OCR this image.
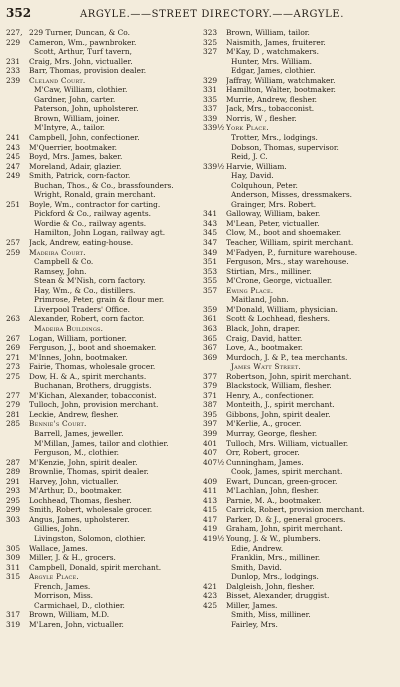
352	ARGYLE.——STREET DIRECTORY.——ARGYLE.
227, 229 Turner, Duncan, & Co.
229	Cameron, Wm., pawnbroker.
Scott, Arthur, Turf tavern,
231	Craig, Mrs. John, victualler.
233	Barr, Thomas, provision dealer.
239	Cleland Court.
M'Caw, William, clothier.
Gardner, John, carter.
Paterson, John, upholsterer.
Brown, William, joiner.
M'Intyre, A., tailor.
241	Campbell, John, confectioner.
243	M'Querrier, bootmaker.
245	Boyd, Mrs. James, baker.
247	Moreland, Adair, glazier.
249	Smith, Patrick, corn-factor.
Buchan, Thos., & Co., brassfounders.
Wright, Ronald, grain merchant.
251	Boyle, Wm., contractor for carting.
Pickford & Co., railway agents.
Wordie & Co., railway agents.
Hamilton, John Logan, railway agt.
257	Jack, Andrew, eating-house.
259	Madeira Court.
Campbell & Co.
Ramsey, John.
Stean & M'Nish, corn factory.
Hay, Wm., & Co., distillers.
Primrose, Peter, grain & flour mer.
Liverpool Traders' Office.
263	Alexander, Robert, corn factor.
Madeira Buildings.
267	Logan, William, portioner.
269	Ferguson, J., boot and shoemaker.
271	M'Innes, John, bootmaker.
273	Fairie, Thomas, wholesale grocer.
275	Dow, H. & A., spirit merchants.
Buchanan, Brothers, druggists.
277	M'Kichan, Alexander, tobacconist.
279	Tulloch, John, provision merchant.
281	Leckie, Andrew, flesher.
285	Bennie's Court.
Barrell, James, jeweller.
M'Millan, James, tailor and clothier.
Ferguson, M., clothier.
287	M'Kenzie, John, spirit dealer.
289	Brownlie, Thomas, spirit dealer.
291	Harvey, John, victualler.
293	M'Arthur, D., bootmaker.
295	Lochhead, Thomas, flesher.
299	Smith, Robert, wholesale grocer.
303	Angus, James, upholsterer.
Gillies, John.
Livingston, Solomon, clothier.
305	Wallace, James.
309	Miller, J. & H., grocers.
311	Campbell, Donald, spirit merchant.
315	Argyle Place.
French, James.
Morrison, Miss.
Carmichael, D., clothier.
317	Brown, William, M.D.
319	M'Laren, John, victualler.
323	Brown, William, tailor.
325	Naismith, James, fruiterer.
327	M'Kay, D , watchmakers.
Hunter, Mrs. William.
Edgar, James, clothier.
329	Jaffray, William, watchmaker.
331	Hamilton, Walter, bootmaker.
335	Murrie, Andrew, flesher.
337	Jack, Mrs., tobacconist.
339	Norris, W , flesher.
339½ York Place.
Trotter, Mrs., lodgings.
Dobson, Thomas, supervisor.
Reid, J. C.
339½ Harvie, William.
Hay, David.
Colquhoun, Peter.
Anderson, Misses, dressmakers.
Grainger, Mrs. Robert.
341	Galloway, William, baker.
343	M'Lean, Peter, victualler.
345	Clow, M., boot and shoemaker.
347	Teacher, William, spirit merchant.
349	M'Fadyen, P., furniture warehouse.
351	Ferguson, Mrs., stay warehouse.
353	Stirtian, Mrs., milliner.
355	M'Crone, George, victualler.
357	Ewing Place.
Maitland, John.
359	M'Donald, William, physician.
361	Scott & Lochhead, fleshers.
363	Black, John, draper.
365	Craig, David, hatter.
367	Love, A., bootmaker.
369	Murdoch, J. & P., tea merchants.
James Watt Street.
377	Robertson, John, spirit merchant.
379	Blackstock, William, flesher.
371	Henry, A., confectioner.
387	Monteith, J., spirit merchant.
395	Gibbons, John, spirit dealer.
397	M'Kerlie, A., grocer.
399	Murray, George, flesher.
401	Tulloch, Mrs. William, victualler.
407	Orr, Robert, grocer.
407½ Cunningham, James.
Cook, James, spirit merchant.
409	Ewart, Duncan, green-grocer.
411	M'Lachlan, John, flesher.
413	Parnie, M. A., bootmaker.
415	Carrick, Robert, provision merchant.
417	Parker, D. & J., general grocers.
419	Graham, John, spirit merchant.
419½ Young, J. & W., plumbers.
Edie, Andrew.
Franklin, Mrs., milliner.
Smith, David.
Dunlop, Mrs., lodgings.
421	Dalgleish, John, flesher.
423	Bisset, Alexander, druggist.
425	Miller, James.
Smith, Miss, milliner.
Fairley, Mrs.
